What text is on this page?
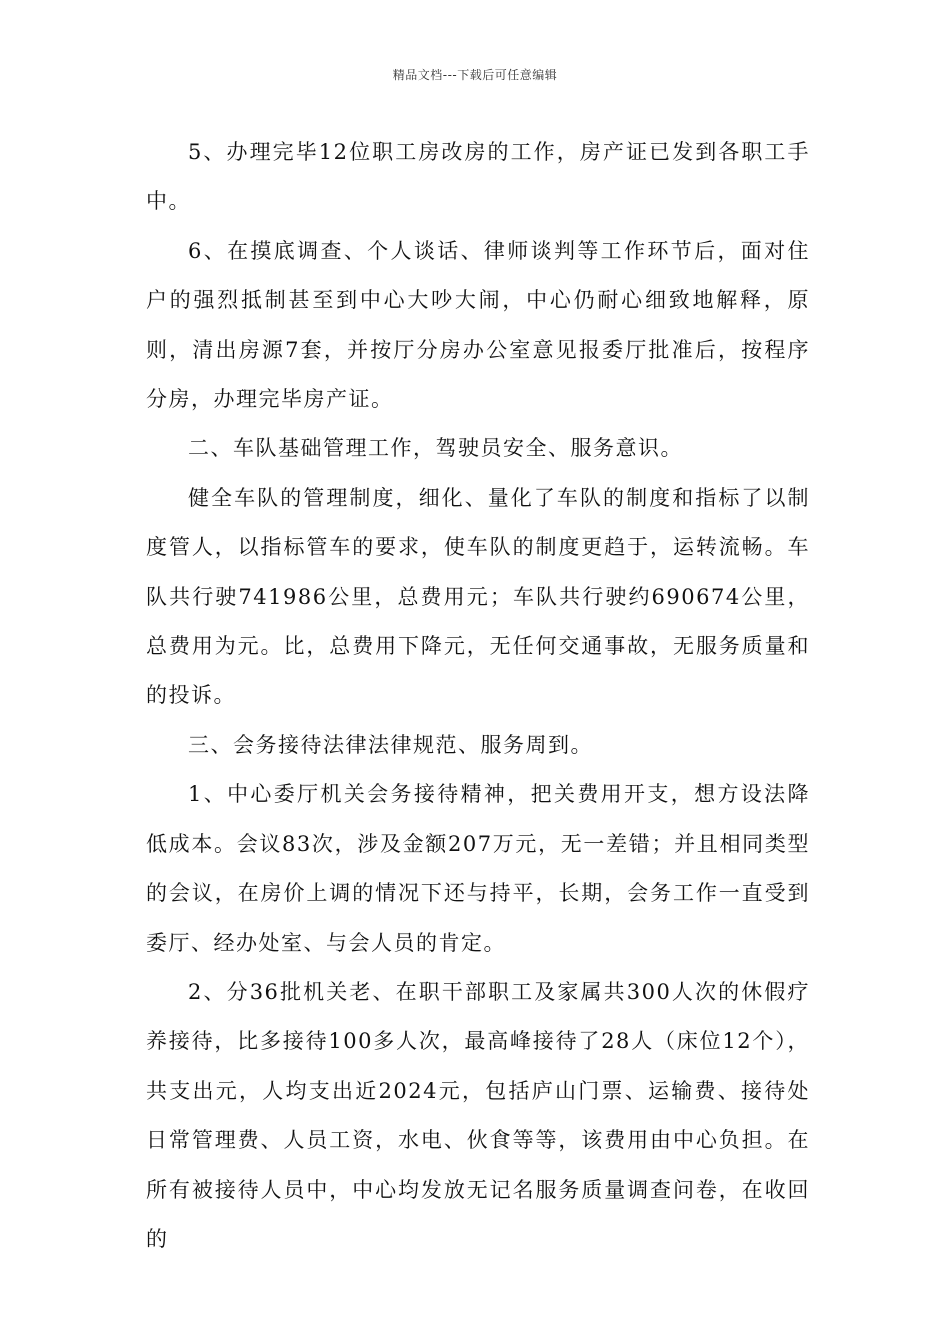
精品文档---下载后可任意编辑

5、办理完毕12位职工房改房的工作，房产证已发到各职工手中。

6、在摸底调查、个人谈话、律师谈判等工作环节后，面对住户的强烈抵制甚至到中心大吵大闹，中心仍耐心细致地解释，原则，清出房源7套，并按厅分房办公室意见报委厅批准后，按程序分房，办理完毕房产证。

二、车队基础管理工作，驾驶员安全、服务意识。

健全车队的管理制度，细化、量化了车队的制度和指标了以制度管人，以指标管车的要求，使车队的制度更趋于，运转流畅。车队共行驶741986公里，总费用元；车队共行驶约690674公里，总费用为元。比，总费用下降元，无任何交通事故，无服务质量和的投诉。

三、会务接待法律法律规范、服务周到。

1、中心委厅机关会务接待精神，把关费用开支，想方设法降低成本。会议83次，涉及金额207万元，无一差错；并且相同类型的会议，在房价上调的情况下还与持平，长期，会务工作一直受到委厅、经办处室、与会人员的肯定。

2、分36批机关老、在职干部职工及家属共300人次的休假疗养接待，比多接待100多人次，最高峰接待了28人（床位12个），共支出元，人均支出近2024元，包括庐山门票、运输费、接待处日常管理费、人员工资，水电、伙食等等，该费用由中心负担。在所有被接待人员中，中心均发放无记名服务质量调查问卷，在收回的
